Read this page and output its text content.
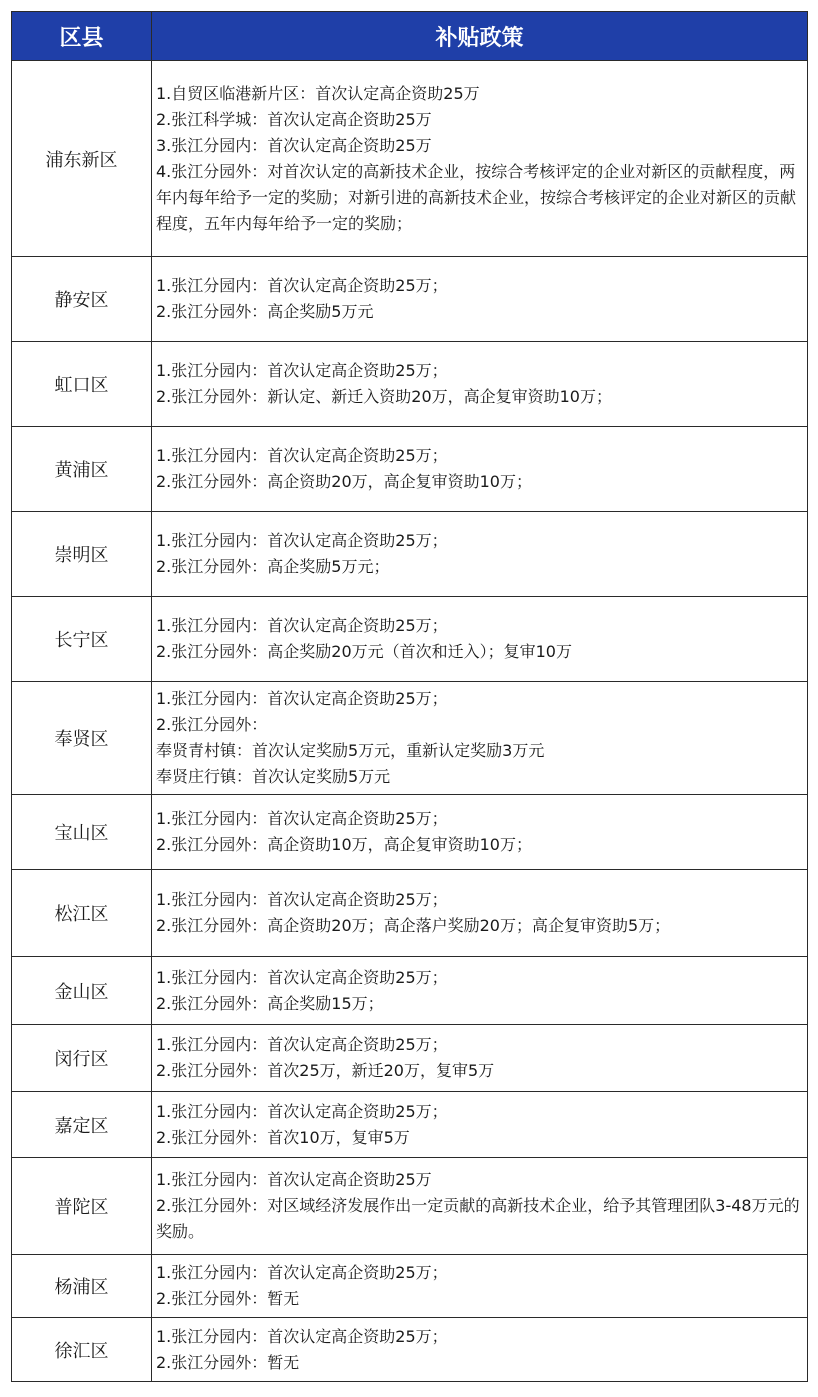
区县	补贴政策
浦东新区	1.自贸区临港新片区：首次认定高企资助25万
2.张江科学城：首次认定高企资助25万
3.张江分园内：首次认定高企资助25万
4.张江分园外：对首次认定的高新技术企业，按综合考核评定的企业对新区的贡献程度，两年内每年给予一定的奖励；对新引进的高新技术企业，按综合考核评定的企业对新区的贡献程度，五年内每年给予一定的奖励；

静安区	1.张江分园内：首次认定高企资助25万；
2.张江分园外：高企奖励5万元

虹口区	1.张江分园内：首次认定高企资助25万；
2.张江分园外：新认定、新迁入资助20万，高企复审资助10万；

黄浦区	1.张江分园内：首次认定高企资助25万；
2.张江分园外：高企资助20万，高企复审资助10万；

崇明区	1.张江分园内：首次认定高企资助25万；
2.张江分园外：高企奖励5万元；

长宁区	1.张江分园内：首次认定高企资助25万；
2.张江分园外：高企奖励20万元（首次和迁入）；复审10万

奉贤区	1.张江分园内：首次认定高企资助25万；
2.张江分园外：
奉贤青村镇：首次认定奖励5万元，重新认定奖励3万元
奉贤庄行镇：首次认定奖励5万元

宝山区	1.张江分园内：首次认定高企资助25万；
2.张江分园外：高企资助10万，高企复审资助10万；

松江区	1.张江分园内：首次认定高企资助25万；
2.张江分园外：高企资助20万；高企落户奖励20万；高企复审资助5万；

金山区	1.张江分园内：首次认定高企资助25万；
2.张江分园外：高企奖励15万；

闵行区	1.张江分园内：首次认定高企资助25万；
2.张江分园外：首次25万，新迁20万，复审5万

嘉定区	1.张江分园内：首次认定高企资助25万；
2.张江分园外：首次10万，复审5万

普陀区	1.张江分园内：首次认定高企资助25万
2.张江分园外：对区域经济发展作出一定贡献的高新技术企业，给予其管理团队3-48万元的奖励。

杨浦区	1.张江分园内：首次认定高企资助25万；
2.张江分园外：暂无

徐汇区	1.张江分园内：首次认定高企资助25万；
2.张江分园外：暂无
